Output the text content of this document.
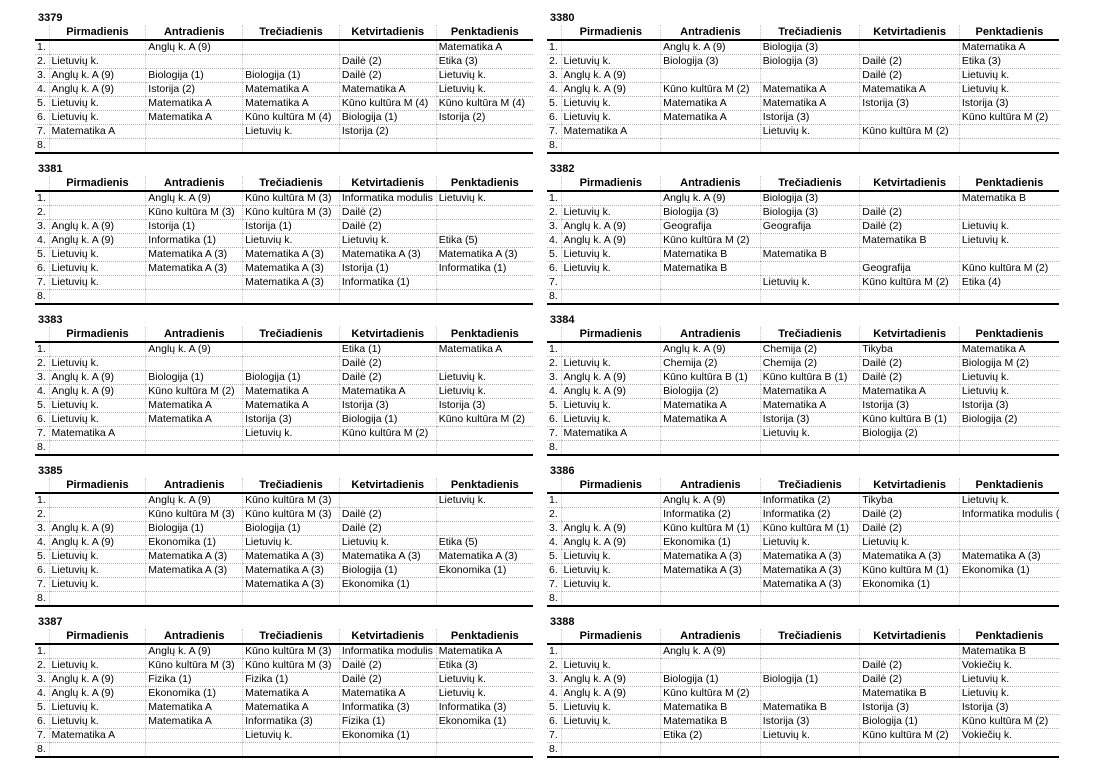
3379
	Pirmadienis	Antradienis	Trečiadienis	Ketvirtadienis	Penktadienis
1.		Anglų k. A (9)			Matematika A
2.	Lietuvių k.			Dailė (2)	Etika (3)
3.	Anglų k. A (9)	Biologija (1)	Biologija (1)	Dailė (2)	Lietuvių k.
4.	Anglų k. A (9)	Istorija (2)	Matematika A	Matematika A	Lietuvių k.
5.	Lietuvių k.	Matematika A	Matematika A	Kūno kultūra M (4)	Kūno kultūra M (4)
6.	Lietuvių k.	Matematika A	Kūno kultūra M (4)	Biologija (1)	Istorija (2)
7.	Matematika A		Lietuvių k.	Istorija (2)	
8.					
3380
	Pirmadienis	Antradienis	Trečiadienis	Ketvirtadienis	Penktadienis
1.		Anglų k. A (9)	Biologija (3)		Matematika A
2.	Lietuvių k.	Biologija (3)	Biologija (3)	Dailė (2)	Etika (3)
3.	Anglų k. A (9)			Dailė (2)	Lietuvių k.
4.	Anglų k. A (9)	Kūno kultūra M (2)	Matematika A	Matematika A	Lietuvių k.
5.	Lietuvių k.	Matematika A	Matematika A	Istorija (3)	Istorija (3)
6.	Lietuvių k.	Matematika A	Istorija (3)		Kūno kultūra M (2)
7.	Matematika A		Lietuvių k.	Kūno kultūra M (2)	
8.					
3381
	Pirmadienis	Antradienis	Trečiadienis	Ketvirtadienis	Penktadienis
1.		Anglų k. A (9)	Kūno kultūra M (3)	Informatika modulis	Lietuvių k.
2.		Kūno kultūra M (3)	Kūno kultūra M (3)	Dailė (2)	
3.	Anglų k. A (9)	Istorija (1)	Istorija (1)	Dailė (2)	
4.	Anglų k. A (9)	Informatika (1)	Lietuvių k.	Lietuvių k.	Etika (5)
5.	Lietuvių k.	Matematika A (3)	Matematika A (3)	Matematika A (3)	Matematika A (3)
6.	Lietuvių k.	Matematika A (3)	Matematika A (3)	Istorija (1)	Informatika (1)
7.	Lietuvių k.		Matematika A (3)	Informatika (1)	
8.					
3382
	Pirmadienis	Antradienis	Trečiadienis	Ketvirtadienis	Penktadienis
1.		Anglų k. A (9)	Biologija (3)		Matematika B
2.	Lietuvių k.	Biologija (3)	Biologija (3)	Dailė (2)	
3.	Anglų k. A (9)	Geografija	Geografija	Dailė (2)	Lietuvių k.
4.	Anglų k. A (9)	Kūno kultūra M (2)		Matematika B	Lietuvių k.
5.	Lietuvių k.	Matematika B	Matematika B		
6.	Lietuvių k.	Matematika B		Geografija	Kūno kultūra M (2)
7.			Lietuvių k.	Kūno kultūra M (2)	Etika (4)
8.					
3383
	Pirmadienis	Antradienis	Trečiadienis	Ketvirtadienis	Penktadienis
1.		Anglų k. A (9)		Etika (1)	Matematika A
2.	Lietuvių k.			Dailė (2)	
3.	Anglų k. A (9)	Biologija (1)	Biologija (1)	Dailė (2)	Lietuvių k.
4.	Anglų k. A (9)	Kūno kultūra M (2)	Matematika A	Matematika A	Lietuvių k.
5.	Lietuvių k.	Matematika A	Matematika A	Istorija (3)	Istorija (3)
6.	Lietuvių k.	Matematika A	Istorija (3)	Biologija (1)	Kūno kultūra M (2)
7.	Matematika A		Lietuvių k.	Kūno kultūra M (2)	
8.					
3384
	Pirmadienis	Antradienis	Trečiadienis	Ketvirtadienis	Penktadienis
1.		Anglų k. A (9)	Chemija (2)	Tikyba	Matematika A
2.	Lietuvių k.	Chemija (2)	Chemija (2)	Dailė (2)	Biologija M (2)
3.	Anglų k. A (9)	Kūno kultūra B (1)	Kūno kultūra B (1)	Dailė (2)	Lietuvių k.
4.	Anglų k. A (9)	Biologija (2)	Matematika A	Matematika A	Lietuvių k.
5.	Lietuvių k.	Matematika A	Matematika A	Istorija (3)	Istorija (3)
6.	Lietuvių k.	Matematika A	Istorija (3)	Kūno kultūra B (1)	Biologija (2)
7.	Matematika A		Lietuvių k.	Biologija (2)	
8.					
3385
	Pirmadienis	Antradienis	Trečiadienis	Ketvirtadienis	Penktadienis
1.		Anglų k. A (9)	Kūno kultūra M (3)		Lietuvių k.
2.		Kūno kultūra M (3)	Kūno kultūra M (3)	Dailė (2)	
3.	Anglų k. A (9)	Biologija (1)	Biologija (1)	Dailė (2)	
4.	Anglų k. A (9)	Ekonomika (1)	Lietuvių k.	Lietuvių k.	Etika (5)
5.	Lietuvių k.	Matematika A (3)	Matematika A (3)	Matematika A (3)	Matematika A (3)
6.	Lietuvių k.	Matematika A (3)	Matematika A (3)	Biologija (1)	Ekonomika (1)
7.	Lietuvių k.		Matematika A (3)	Ekonomika (1)	
8.					
3386
	Pirmadienis	Antradienis	Trečiadienis	Ketvirtadienis	Penktadienis
1.		Anglų k. A (9)	Informatika (2)	Tikyba	Lietuvių k.
2.		Informatika (2)	Informatika (2)	Dailė (2)	Informatika modulis (
3.	Anglų k. A (9)	Kūno kultūra M (1)	Kūno kultūra M (1)	Dailė (2)	
4.	Anglų k. A (9)	Ekonomika (1)	Lietuvių k.	Lietuvių k.	
5.	Lietuvių k.	Matematika A (3)	Matematika A (3)	Matematika A (3)	Matematika A (3)
6.	Lietuvių k.	Matematika A (3)	Matematika A (3)	Kūno kultūra M (1)	Ekonomika (1)
7.	Lietuvių k.		Matematika A (3)	Ekonomika (1)	
8.					
3387
	Pirmadienis	Antradienis	Trečiadienis	Ketvirtadienis	Penktadienis
1.		Anglų k. A (9)	Kūno kultūra M (3)	Informatika modulis	Matematika A
2.	Lietuvių k.	Kūno kultūra M (3)	Kūno kultūra M (3)	Dailė (2)	Etika (3)
3.	Anglų k. A (9)	Fizika (1)	Fizika (1)	Dailė (2)	Lietuvių k.
4.	Anglų k. A (9)	Ekonomika (1)	Matematika A	Matematika A	Lietuvių k.
5.	Lietuvių k.	Matematika A	Matematika A	Informatika (3)	Informatika (3)
6.	Lietuvių k.	Matematika A	Informatika (3)	Fizika (1)	Ekonomika (1)
7.	Matematika A		Lietuvių k.	Ekonomika (1)	
8.					
3388
	Pirmadienis	Antradienis	Trečiadienis	Ketvirtadienis	Penktadienis
1.		Anglų k. A (9)			Matematika B
2.	Lietuvių k.			Dailė (2)	Vokiečių k.
3.	Anglų k. A (9)	Biologija (1)	Biologija (1)	Dailė (2)	Lietuvių k.
4.	Anglų k. A (9)	Kūno kultūra M (2)		Matematika B	Lietuvių k.
5.	Lietuvių k.	Matematika B	Matematika B	Istorija (3)	Istorija (3)
6.	Lietuvių k.	Matematika B	Istorija (3)	Biologija (1)	Kūno kultūra M (2)
7.		Etika (2)	Lietuvių k.	Kūno kultūra M (2)	Vokiečių k.
8.					
